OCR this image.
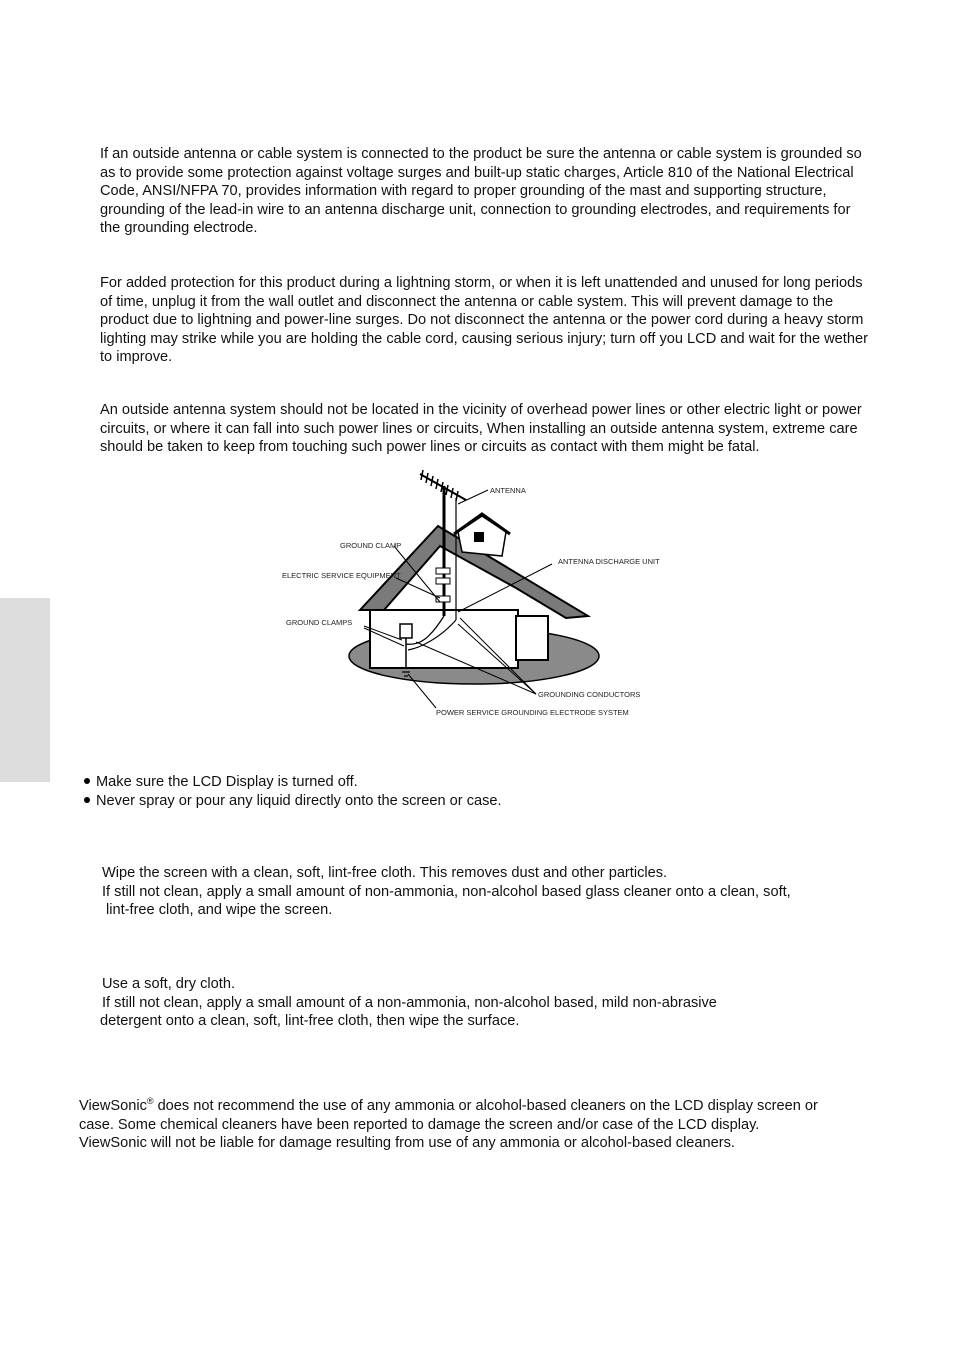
If an outside antenna or cable system is connected to the product be sure the antenna or cable system is grounded so as to provide some protection against voltage surges and built-up static charges, Article 810 of the National Electrical Code, ANSI/NFPA 70, provides information with regard to proper grounding of the mast and supporting structure, grounding of the lead-in wire to an antenna discharge unit, connection to grounding electrodes, and requirements for the grounding electrode.

For added protection for this product during a lightning storm, or when it is left unattended and unused for long periods of time, unplug it from the wall outlet and disconnect the antenna or cable system. This will prevent damage to the product due to lightning and power-line surges. Do not disconnect the antenna or the power cord during a heavy storm lighting may strike while you are holding the cable cord, causing serious injury; turn off you LCD and wait for the wether to improve.

An outside antenna system should not be located in the vicinity of overhead power lines or other electric light or power circuits, or where it can fall into such power lines or circuits, When installing an outside antenna system, extreme care should be taken to keep from touching such power lines or circuits as contact with them might be fatal.

ANTENNA
GROUND CLAMP
ELECTRIC SERVICE EQUIPMENT
GROUND CLAMPS
ANTENNA DISCHARGE UNIT
GROUNDING CONDUCTORS
POWER SERVICE GROUNDING ELECTRODE SYSTEM
Make sure the LCD Display is turned off.
Never spray or pour any liquid directly onto the screen or case.
Wipe the screen with a clean, soft, lint-free cloth. This removes dust and other particles.
If still not clean, apply a small amount of non-ammonia, non-alcohol based glass cleaner onto a clean, soft,
lint-free cloth, and wipe the screen.
Use a soft, dry cloth.
If still not clean, apply a small amount of a non-ammonia, non-alcohol based, mild non-abrasive
detergent onto a clean, soft, lint-free cloth, then wipe the surface.
ViewSonic® does not recommend the use of any ammonia or alcohol-based cleaners on the LCD display screen or
case. Some chemical cleaners have been reported to damage the screen and/or case of the LCD display.
ViewSonic will not be liable for damage resulting from use of any ammonia or alcohol-based cleaners.
